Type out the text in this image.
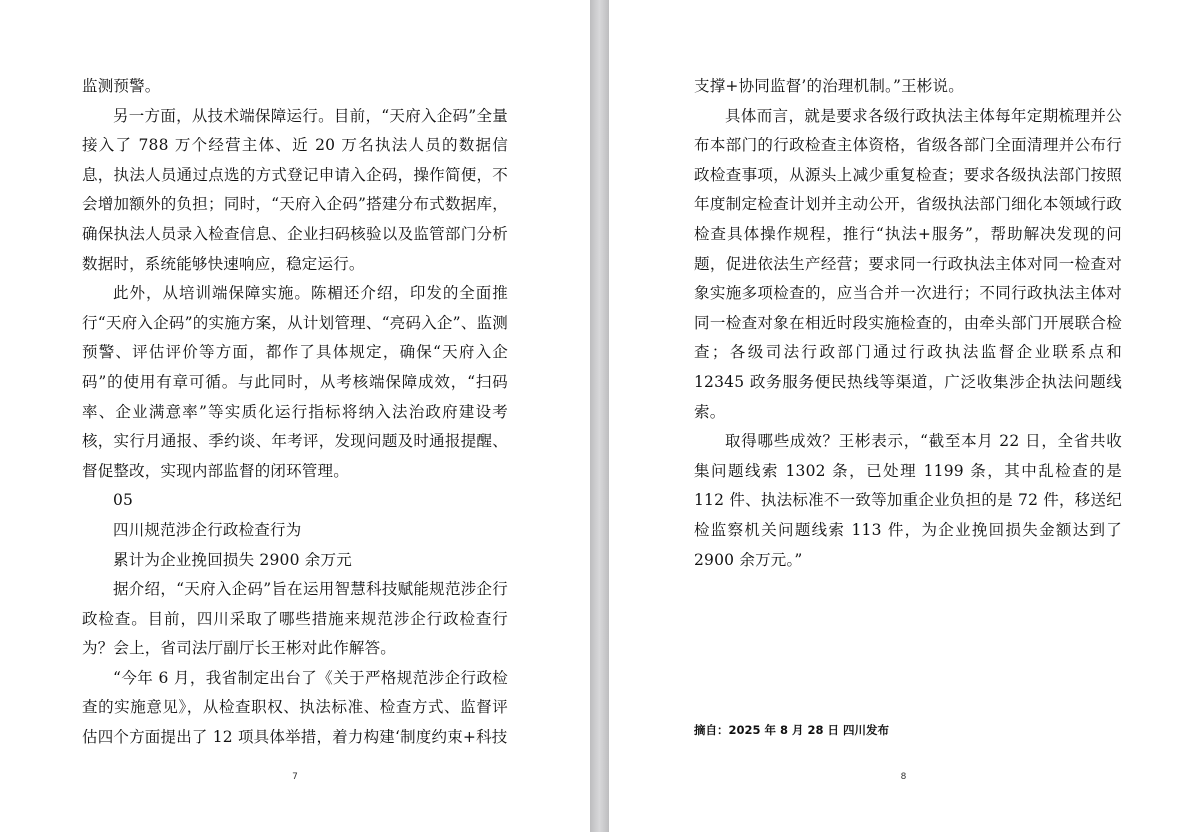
监测预警。

另一方面，从技术端保障运行。目前，“天府入企码”全量接入了 788 万个经营主体、近 20 万名执法人员的数据信息，执法人员通过点选的方式登记申请入企码，操作简便，不会增加额外的负担；同时，“天府入企码”搭建分布式数据库，确保执法人员录入检查信息、企业扫码核验以及监管部门分析数据时，系统能够快速响应，稳定运行。

此外，从培训端保障实施。陈楣还介绍，印发的全面推行“天府入企码”的实施方案，从计划管理、“亮码入企”、监测预警、评估评价等方面，都作了具体规定，确保“天府入企码”的使用有章可循。与此同时，从考核端保障成效，“扫码率、企业满意率”等实质化运行指标将纳入法治政府建设考核，实行月通报、季约谈、年考评，发现问题及时通报提醒、督促整改，实现内部监督的闭环管理。

05

四川规范涉企行政检查行为

累计为企业挽回损失 2900 余万元

据介绍，“天府入企码”旨在运用智慧科技赋能规范涉企行政检查。目前，四川采取了哪些措施来规范涉企行政检查行为？会上，省司法厅副厅长王彬对此作解答。

“今年 6 月，我省制定出台了《关于严格规范涉企行政检查的实施意见》，从检查职权、执法标准、检查方式、监督评估四个方面提出了 12 项具体举措，着力构建‘制度约束+科技

7

支撑+协同监督’的治理机制。”王彬说。

具体而言，就是要求各级行政执法主体每年定期梳理并公布本部门的行政检查主体资格，省级各部门全面清理并公布行政检查事项，从源头上减少重复检查；要求各级执法部门按照年度制定检查计划并主动公开，省级执法部门细化本领域行政检查具体操作规程，推行“执法+服务”，帮助解决发现的问题，促进依法生产经营；要求同一行政执法主体对同一检查对象实施多项检查的，应当合并一次进行；不同行政执法主体对同一检查对象在相近时段实施检查的，由牵头部门开展联合检查；各级司法行政部门通过行政执法监督企业联系点和 12345 政务服务便民热线等渠道，广泛收集涉企执法问题线索。

取得哪些成效？王彬表示，“截至本月 22 日，全省共收集问题线索 1302 条，已处理 1199 条，其中乱检查的是 112 件、执法标准不一致等加重企业负担的是 72 件，移送纪检监察机关问题线索 113 件，为企业挽回损失金额达到了 2900 余万元。”

摘自：2025 年 8 月 28 日 四川发布
8
